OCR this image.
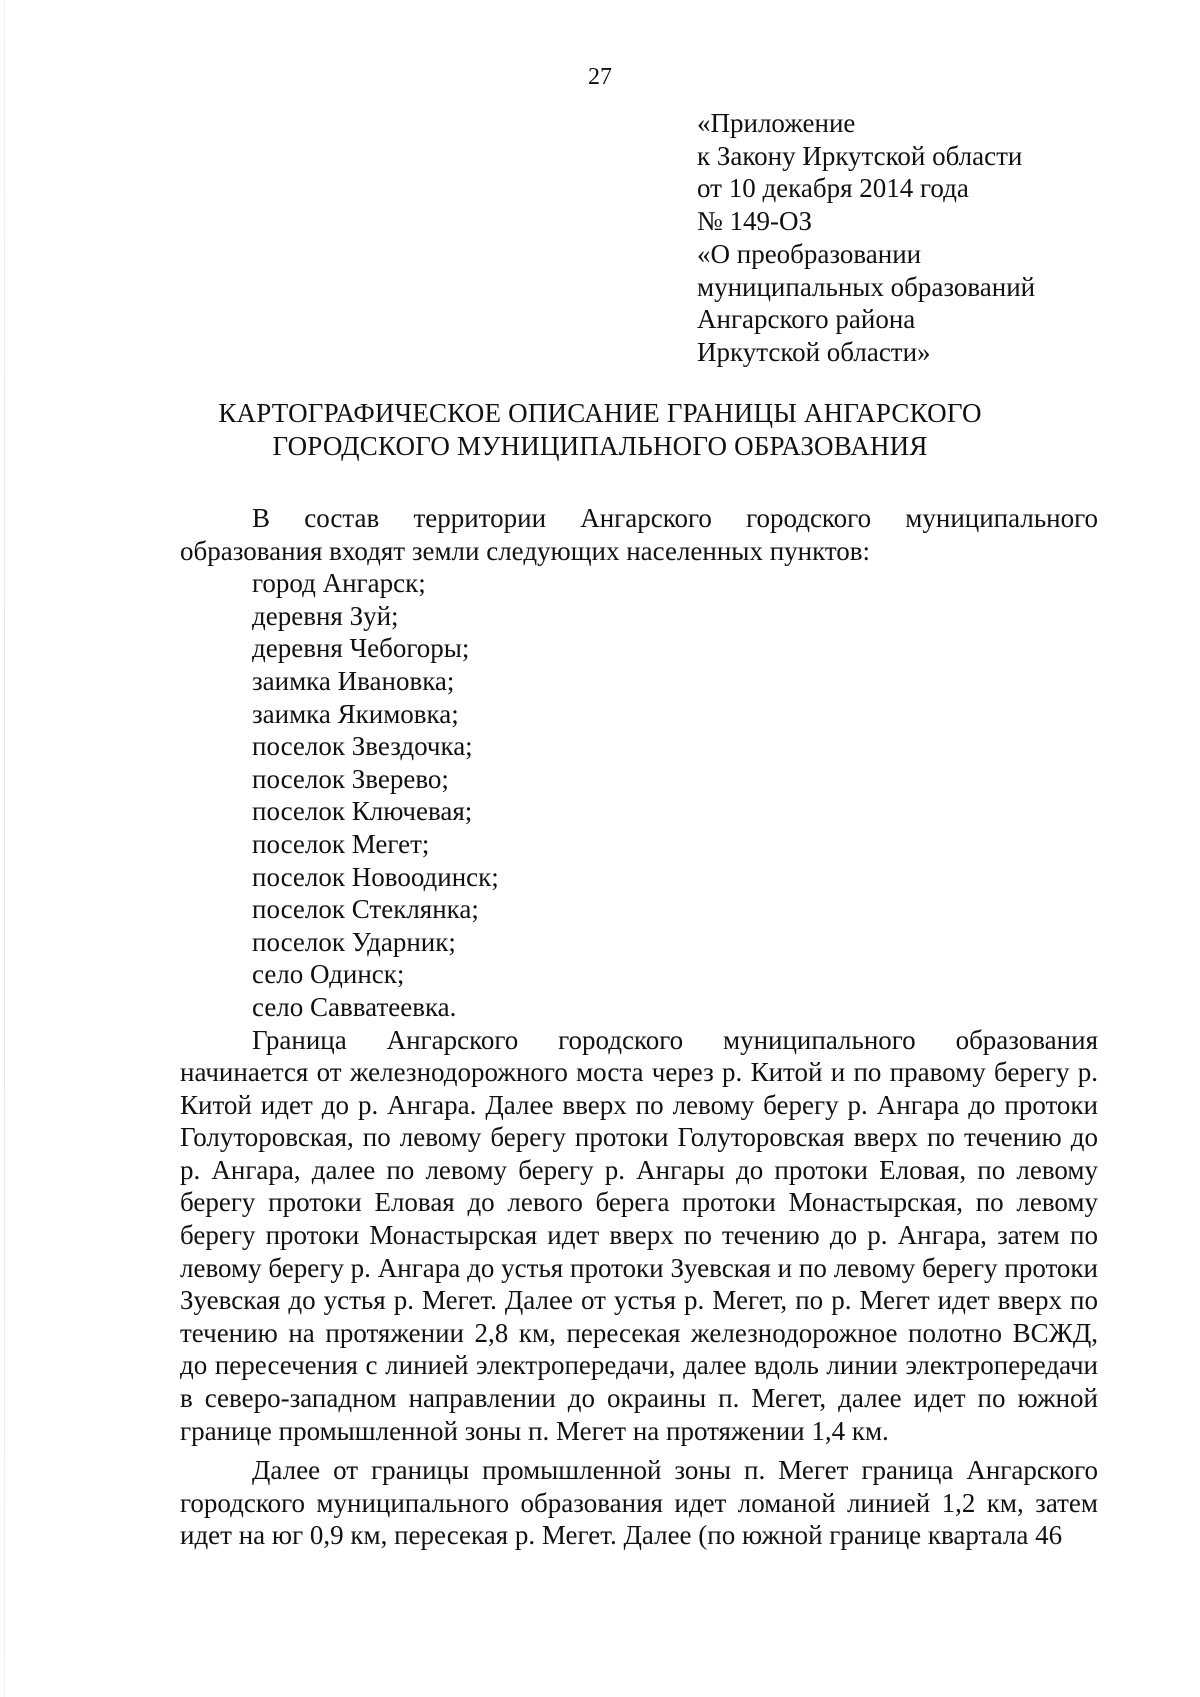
27
«Приложение
к Закону Иркутской области
от 10 декабря 2014 года
№ 149-ОЗ
«О преобразовании
муниципальных образований
Ангарского района
Иркутской области»
КАРТОГРАФИЧЕСКОЕ ОПИСАНИЕ ГРАНИЦЫ АНГАРСКОГО
ГОРОДСКОГО МУНИЦИПАЛЬНОГО ОБРАЗОВАНИЯ

В состав территории Ангарского городского муниципального образования входят земли следующих населенных пунктов:

город Ангарск;
деревня Зуй;
деревня Чебогоры;
заимка Ивановка;
заимка Якимовка;
поселок Звездочка;
поселок Зверево;
поселок Ключевая;
поселок Мегет;
поселок Новоодинск;
поселок Стеклянка;
поселок Ударник;
село Одинск;
село Савватеевка.

Граница Ангарского городского муниципального образования начинается от железнодорожного моста через р. Китой и по правому берегу р. Китой идет до р. Ангара. Далее вверх по левому берегу р. Ангара до протоки Голуторовская, по левому берегу протоки Голуторовская вверх по течению до р. Ангара, далее по левому берегу р. Ангары до протоки Еловая, по левому берегу протоки Еловая до левого берега протоки Монастырская, по левому берегу протоки Монастырская идет вверх по течению до р. Ангара, затем по левому берегу р. Ангара до устья протоки Зуевская и по левому берегу протоки Зуевская до устья р. Мегет. Далее от устья р. Мегет, по р. Мегет идет вверх по течению на протяжении 2,8 км, пересекая железнодорожное полотно ВСЖД, до пересечения с линией электропередачи, далее вдоль линии электропередачи в северо-западном направлении до окраины п. Мегет, далее идет по южной границе промышленной зоны п. Мегет на протяжении 1,4 км.

Далее от границы промышленной зоны п. Мегет граница Ангарского городского муниципального образования идет ломаной линией 1,2 км, затем идет на юг 0,9 км, пересекая р. Мегет. Далее (по южной границе квартала 46
